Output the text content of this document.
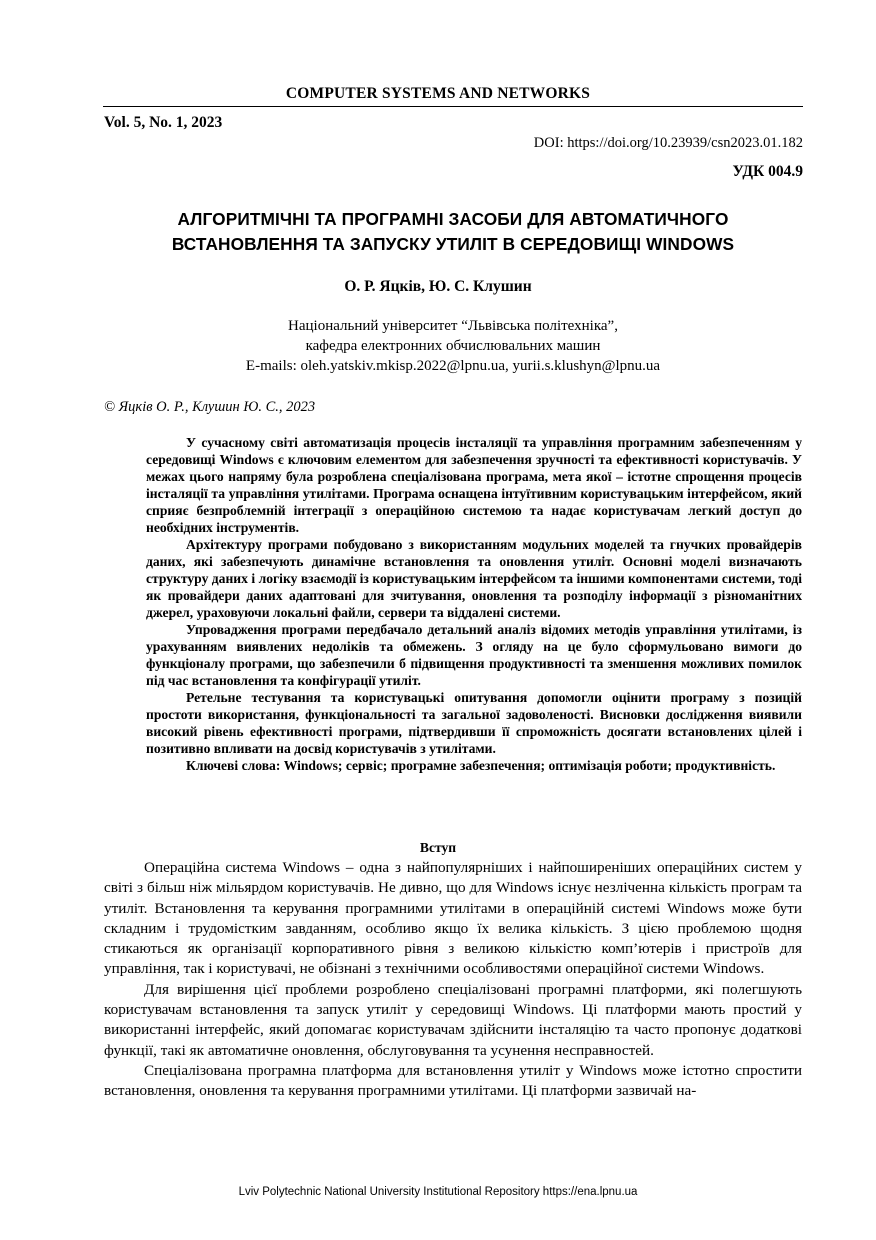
COMPUTER SYSTEMS AND NETWORKS
Vol. 5, No. 1, 2023
DOI: https://doi.org/10.23939/csn2023.01.182
УДК 004.9
АЛГОРИТМІЧНІ ТА ПРОГРАМНІ ЗАСОБИ ДЛЯ АВТОМАТИЧНОГО
ВСТАНОВЛЕННЯ ТА ЗАПУСКУ УТИЛІТ В СЕРЕДОВИЩІ WINDOWS
О. Р. Яцків, Ю. С. Клушин
Національний університет “Львівська політехніка”,
кафедра електронних обчислювальних машин
E-mails: oleh.yatskiv.mkisp.2022@lpnu.ua, yurii.s.klushyn@lpnu.ua
© Яцків О. Р., Клушин Ю. С., 2023

У сучасному світі автоматизація процесів інсталяції та управління програмним забезпеченням у середовищі Windows є ключовим елементом для забезпечення зручності та ефективності користувачів. У межах цього напряму була розроблена спеціалізована програма, мета якої – істотне спрощення процесів інсталяції та управління утилітами. Програма оснащена інтуїтивним користувацьким інтерфейсом, який сприяє безпроблемній інтеграції з операційною системою та надає користувачам легкий доступ до необхідних інструментів.

Архітектуру програми побудовано з використанням модульних моделей та гнучких провайдерів даних, які забезпечують динамічне встановлення та оновлення утиліт. Основні моделі визначають структуру даних і логіку взаємодії із користувацьким інтерфейсом та іншими компонентами системи, тоді як провайдери даних адаптовані для зчитування, оновлення та розподілу інформації з різноманітних джерел, ураховуючи локальні файли, сервери та віддалені системи.

Упровадження програми передбачало детальний аналіз відомих методів управління утилітами, із урахуванням виявлених недоліків та обмежень. З огляду на це було сформульовано вимоги до функціоналу програми, що забезпечили б підвищення продуктивності та зменшення можливих помилок під час встановлення та конфігурації утиліт.

Ретельне тестування та користувацькі опитування допомогли оцінити програму з позицій простоти використання, функціональності та загальної задоволеності. Висновки дослідження виявили високий рівень ефективності програми, підтвердивши її спроможність досягати встановлених цілей і позитивно впливати на досвід користувачів з утилітами.

Ключеві слова: Windows; сервіс; програмне забезпечення; оптимізація роботи; продуктивність.

Вступ

Операційна система Windows – одна з найпопулярніших і найпоширеніших операційних систем у світі з більш ніж мільярдом користувачів. Не дивно, що для Windows існує незліченна кількість програм та утиліт. Встановлення та керування програмними утилітами в операційній системі Windows може бути складним і трудомістким завданням, особливо якщо їх велика кількість. З цією проблемою щодня стикаються як організації корпоративного рівня з великою кількістю комп’ютерів і пристроїв для управління, так і користувачі, не обізнані з технічними особливостями операційної системи Windows.

Для вирішення цієї проблеми розроблено спеціалізовані програмні платформи, які полегшують користувачам встановлення та запуск утиліт у середовищі Windows. Ці платформи мають простий у використанні інтерфейс, який допомагає користувачам здійснити інсталяцію та часто пропонує додаткові функції, такі як автоматичне оновлення, обслуговування та усунення несправностей.

Спеціалізована програмна платформа для встановлення утиліт у Windows може істотно спростити встановлення, оновлення та керування програмними утилітами. Ці платформи зазвичай на-

Lviv Polytechnic National University Institutional Repository https://ena.lpnu.ua
